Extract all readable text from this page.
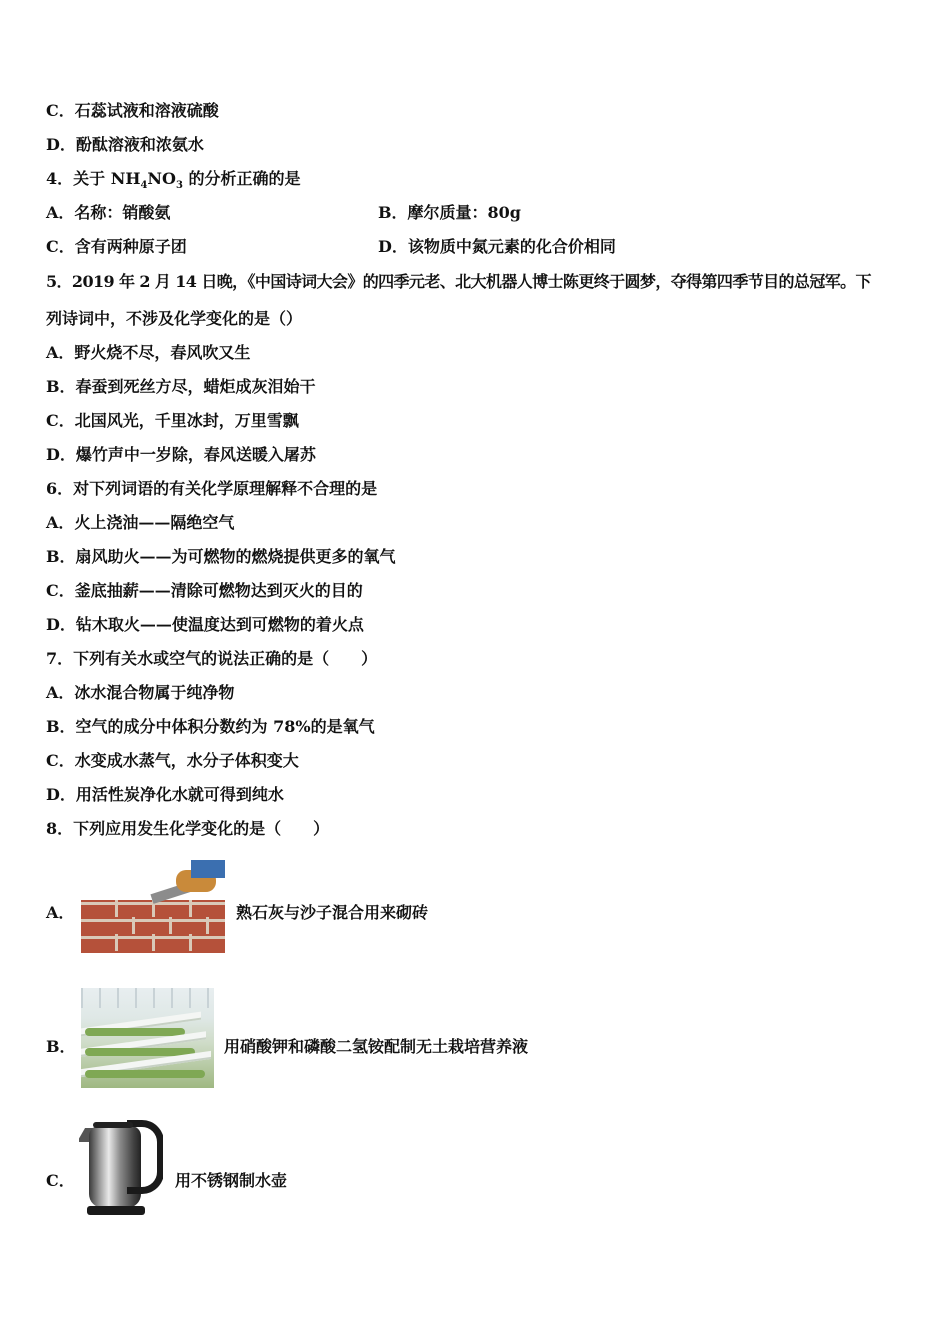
C．石蕊试液和溶液硫酸
D．酚酞溶液和浓氨水
4．关于 $NH_4NO_3$ 的分析正确的是
A．名称：销酸氨	B．摩尔质量：80g
C．含有两种原子团	D．该物质中氮元素的化合价相同
5．2019 年 2 月 14 日晚，《中国诗词大会》的四季元老、北大机器人博士陈更终于圆梦，夺得第四季节目的总冠军。下
列诗词中，不涉及化学变化的是（）
A．野火烧不尽，春风吹又生
B．春蚕到死丝方尽，蜡炬成灰泪始干
C．北国风光，千里冰封，万里雪飘
D．爆竹声中一岁除，春风送暖入屠苏
6．对下列词语的有关化学原理解释不合理的是
A．火上浇油——隔绝空气
B．扇风助火——为可燃物的燃烧提供更多的氧气
C．釜底抽薪——清除可燃物达到灭火的目的
D．钻木取火——使温度达到可燃物的着火点
7．下列有关水或空气的说法正确的是（　　）
A．冰水混合物属于纯净物
B．空气的成分中体积分数约为 78%的是氧气
C．水变成水蒸气，水分子体积变大
D．用活性炭净化水就可得到纯水
8．下列应用发生化学变化的是（　　）
A．	熟石灰与沙子混合用来砌砖
B．	用硝酸钾和磷酸二氢铵配制无土栽培营养液
C．	用不锈钢制水壶
